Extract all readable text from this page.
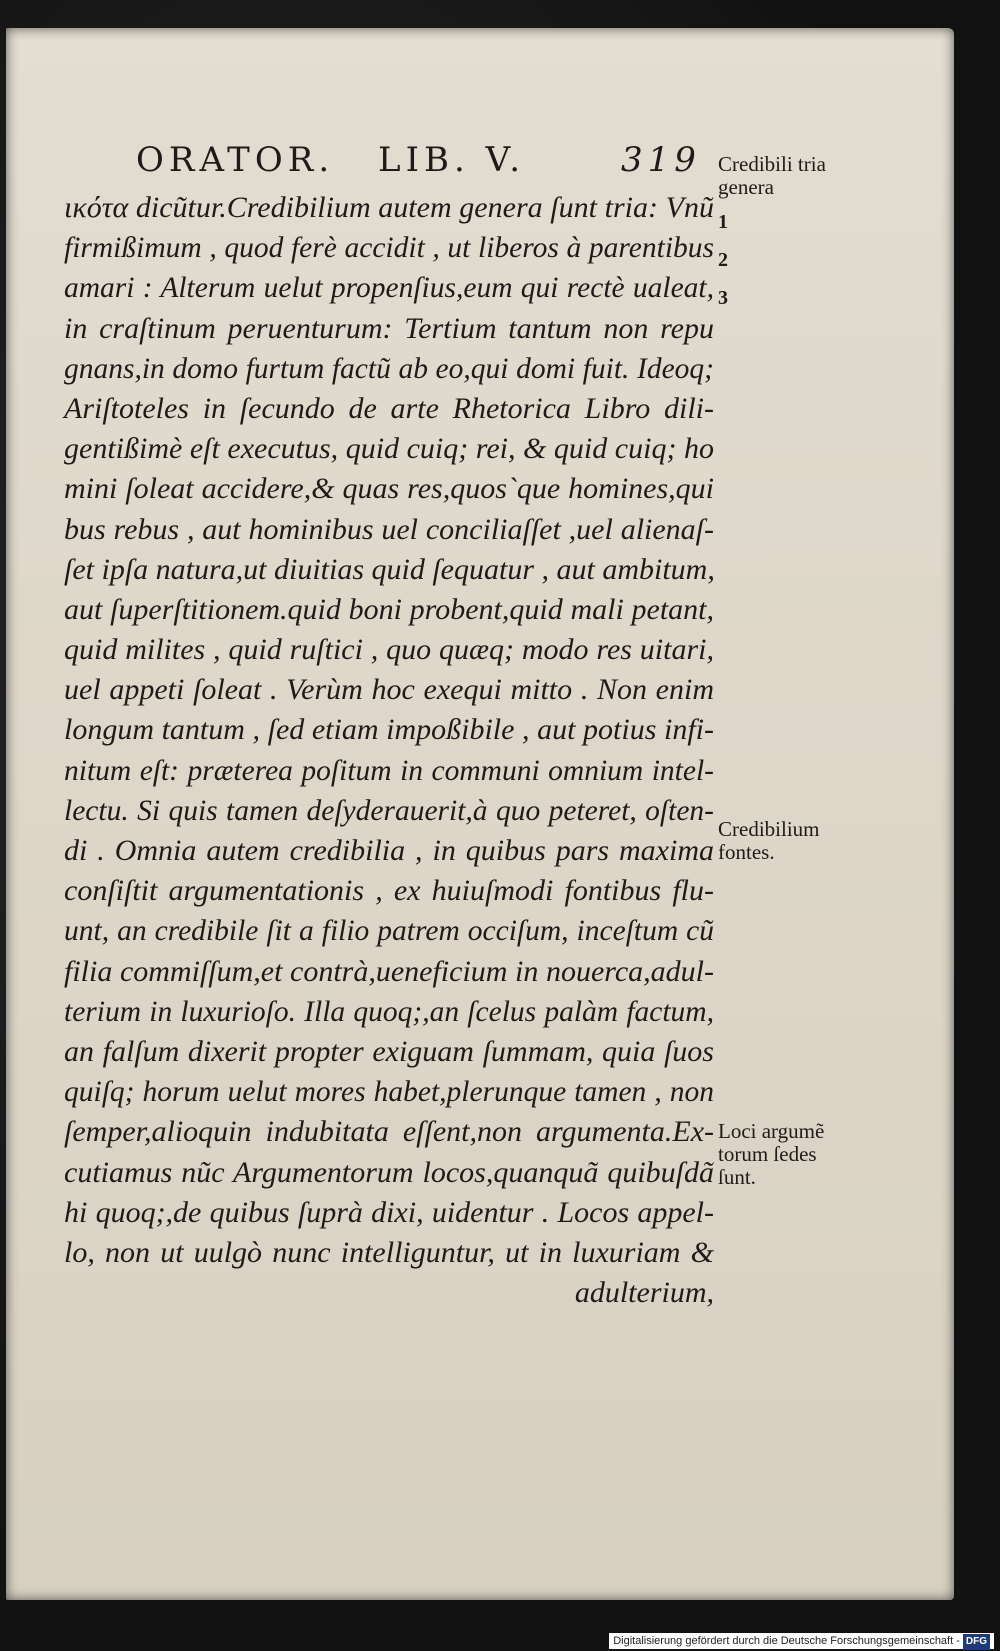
ORATOR. LIB. V.	319
ικότα dicũtur.Credibilium autem genera ſunt tria: Vnũ
firmißimum , quod ferè accidit , ut liberos à parentibus
amari : Alterum uelut propenſius,eum qui rectè ualeat,
in craſtinum peruenturum: Tertium tantum non repu
gnans,in domo furtum factũ ab eo,qui domi fuit. Ideoq;
Ariſtoteles in ſecundo de arte Rhetorica Libro dili-
gentißimè eſt executus, quid cuiq; rei, & quid cuiq; ho
mini ſoleat accidere,& quas res,quos`que homines,qui
bus rebus , aut hominibus uel conciliaſſet ,uel alienaſ-
ſet ipſa natura,ut diuitias quid ſequatur , aut ambitum,
aut ſuperſtitionem.quid boni probent,quid mali petant,
quid milites , quid ruſtici , quo quæq; modo res uitari,
uel appeti ſoleat . Verùm hoc exequi mitto . Non enim
longum tantum , ſed etiam impoßibile , aut potius infi-
nitum eſt: præterea poſitum in communi omnium intel-
lectu. Si quis tamen deſyderauerit,à quo peteret, oſten-
di . Omnia autem credibilia , in quibus pars maxima
conſiſtit argumentationis , ex huiuſmodi fontibus flu-
unt, an credibile ſit a filio patrem occiſum, inceſtum cũ
filia commiſſum,et contrà,ueneficium in nouerca,adul-
terium in luxurioſo. Illa quoq;,an ſcelus palàm factum,
an falſum dixerit propter exiguam ſummam, quia ſuos
quiſq; horum uelut mores habet,plerunque tamen , non
ſemper,alioquin indubitata eſſent,non argumenta.Ex-
cutiamus nũc Argumentorum locos,quanquã quibuſdã
hi quoq;,de quibus ſuprà dixi, uidentur . Locos appel-
lo, non ut uulgò nunc intelliguntur, ut in luxuriam &
adulterium,
Credibili tria
genera
1
2
3
Credibilium
fontes.
Loci argumẽ
torum ſedes
ſunt.
Digitalisierung gefördert durch die Deutsche Forschungsgemeinschaft - DFG
